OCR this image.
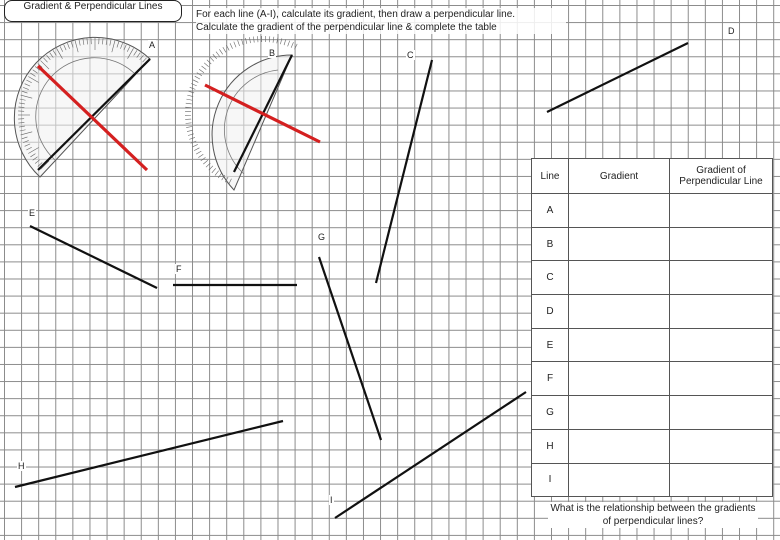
Gradient & Perpendicular Lines
For each line (A-I), calculate its gradient, then draw a perpendicular line.
Calculate the gradient of the perpendicular line & complete the table
A
B	C
D
E
F
G
H
I
Line	Gradient	Gradient of Perpendicular Line
A		
B		
C		
D		
E		
F		
G		
H		
I		
What is the relationship between the gradients of perpendicular lines?
